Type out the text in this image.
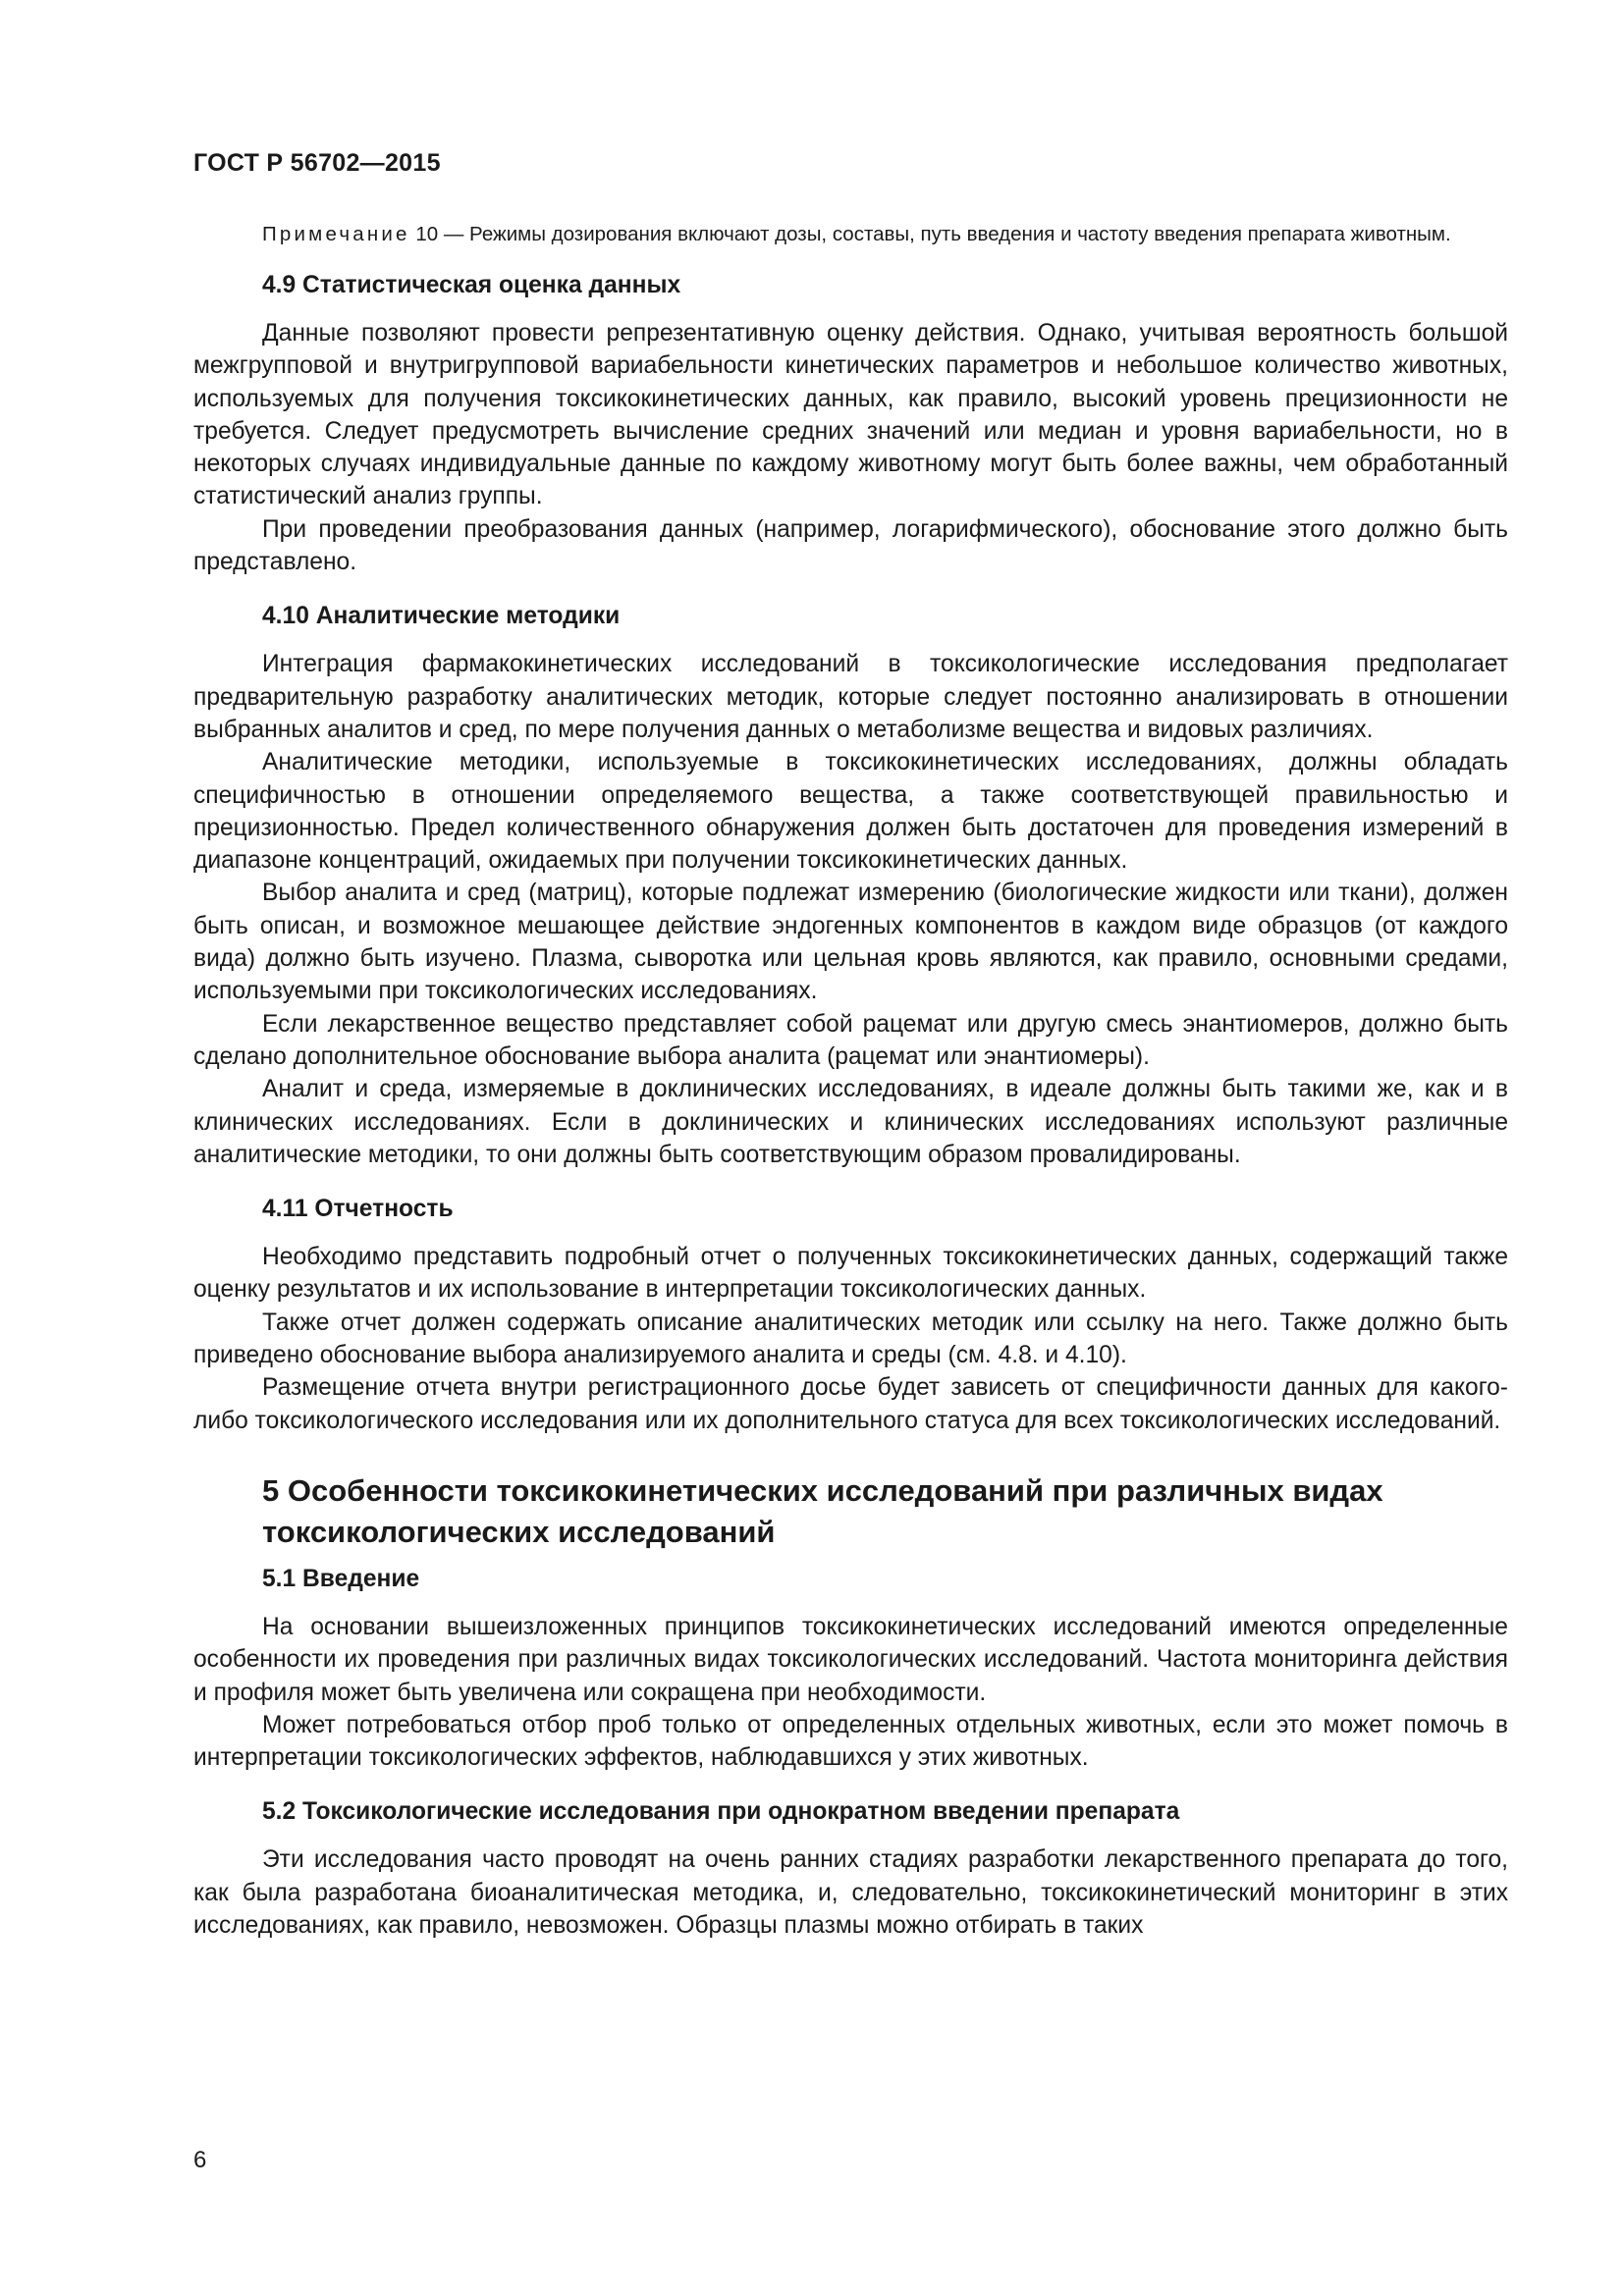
ГОСТ Р 56702—2015

Примечание 10 — Режимы дозирования включают дозы, составы, путь введения и частоту введения препарата животным.

4.9 Статистическая оценка данных

Данные позволяют провести репрезентативную оценку действия. Однако, учитывая вероятность большой межгрупповой и внутригрупповой вариабельности кинетических параметров и небольшое количество животных, используемых для получения токсикокинетических данных, как правило, высокий уровень прецизионности не требуется. Следует предусмотреть вычисление средних значений или медиан и уровня вариабельности, но в некоторых случаях индивидуальные данные по каждому животному могут быть более важны, чем обработанный статистический анализ группы.

При проведении преобразования данных (например, логарифмического), обоснование этого должно быть представлено.

4.10 Аналитические методики

Интеграция фармакокинетических исследований в токсикологические исследования предполагает предварительную разработку аналитических методик, которые следует постоянно анализировать в отношении выбранных аналитов и сред, по мере получения данных о метаболизме вещества и видовых различиях.

Аналитические методики, используемые в токсикокинетических исследованиях, должны обладать специфичностью в отношении определяемого вещества, а также соответствующей правильностью и прецизионностью. Предел количественного обнаружения должен быть достаточен для проведения измерений в диапазоне концентраций, ожидаемых при получении токсикокинетических данных.

Выбор аналита и сред (матриц), которые подлежат измерению (биологические жидкости или ткани), должен быть описан, и возможное мешающее действие эндогенных компонентов в каждом виде образцов (от каждого вида) должно быть изучено. Плазма, сыворотка или цельная кровь являются, как правило, основными средами, используемыми при токсикологических исследованиях.

Если лекарственное вещество представляет собой рацемат или другую смесь энантиомеров, должно быть сделано дополнительное обоснование выбора аналита (рацемат или энантиомеры).

Аналит и среда, измеряемые в доклинических исследованиях, в идеале должны быть такими же, как и в клинических исследованиях. Если в доклинических и клинических исследованиях используют различные аналитические методики, то они должны быть соответствующим образом провалидированы.

4.11 Отчетность

Необходимо представить подробный отчет о полученных токсикокинетических данных, содержащий также оценку результатов и их использование в интерпретации токсикологических данных.

Также отчет должен содержать описание аналитических методик или ссылку на него. Также должно быть приведено обоснование выбора анализируемого аналита и среды (см. 4.8. и 4.10).

Размещение отчета внутри регистрационного досье будет зависеть от специфичности данных для какого-либо токсикологического исследования или их дополнительного статуса для всех токсикологических исследований.

5 Особенности токсикокинетических исследований при различных видах токсикологических исследований
5.1 Введение

На основании вышеизложенных принципов токсикокинетических исследований имеются определенные особенности их проведения при различных видах токсикологических исследований. Частота мониторинга действия и профиля может быть увеличена или сокращена при необходимости.

Может потребоваться отбор проб только от определенных отдельных животных, если это может помочь в интерпретации токсикологических эффектов, наблюдавшихся у этих животных.

5.2 Токсикологические исследования при однократном введении препарата

Эти исследования часто проводят на очень ранних стадиях разработки лекарственного препарата до того, как была разработана биоаналитическая методика, и, следовательно, токсикокинетический мониторинг в этих исследованиях, как правило, невозможен. Образцы плазмы можно отбирать в таких

6
